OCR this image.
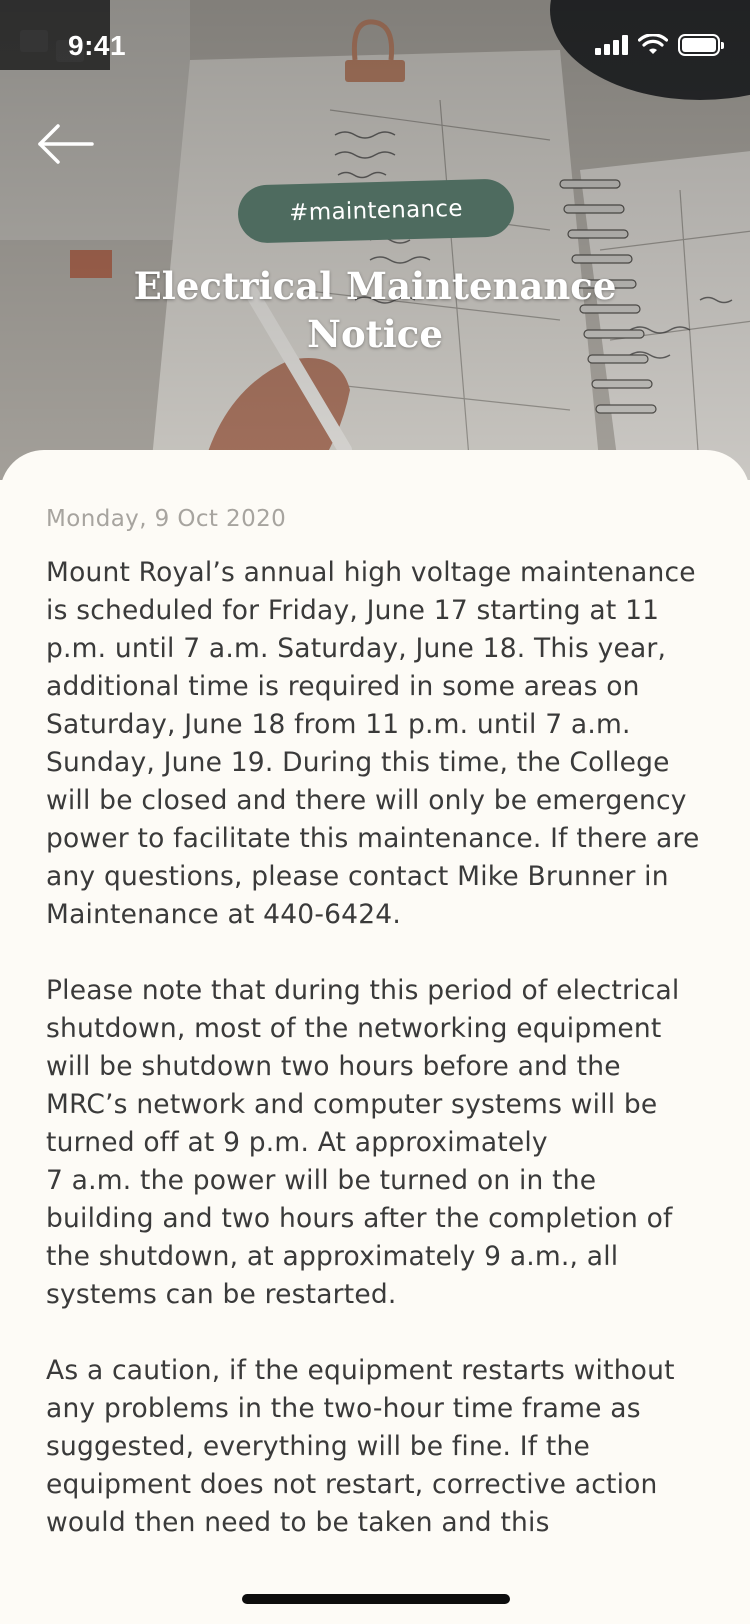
9:41
#maintenance
Electrical Maintenance Notice
Monday, 9 Oct 2020

Mount Royal’s annual high voltage maintenance is scheduled for Friday, June 17 starting at 11 p.m. until 7 a.m. Saturday, June 18. This year, additional time is required in some areas on Saturday, June 18 from 11 p.m. until 7 a.m. Sunday, June 19. During this time, the College will be closed and there will only be emergency power to facilitate this maintenance. If there are any questions, please contact Mike Brunner in Maintenance at 440-6424.

Please note that during this period of electrical shutdown, most of the networking equipment will be shutdown two hours before and the MRC’s network and computer systems will be turned off at 9 p.m. At approximately
7 a.m. the power will be turned on in the building and two hours after the completion of the shutdown, at approximately 9 a.m., all systems can be restarted.

As a caution, if the equipment restarts without any problems in the two-hour time frame as suggested, everything will be fine. If the equipment does not restart, corrective action would then need to be taken and this
